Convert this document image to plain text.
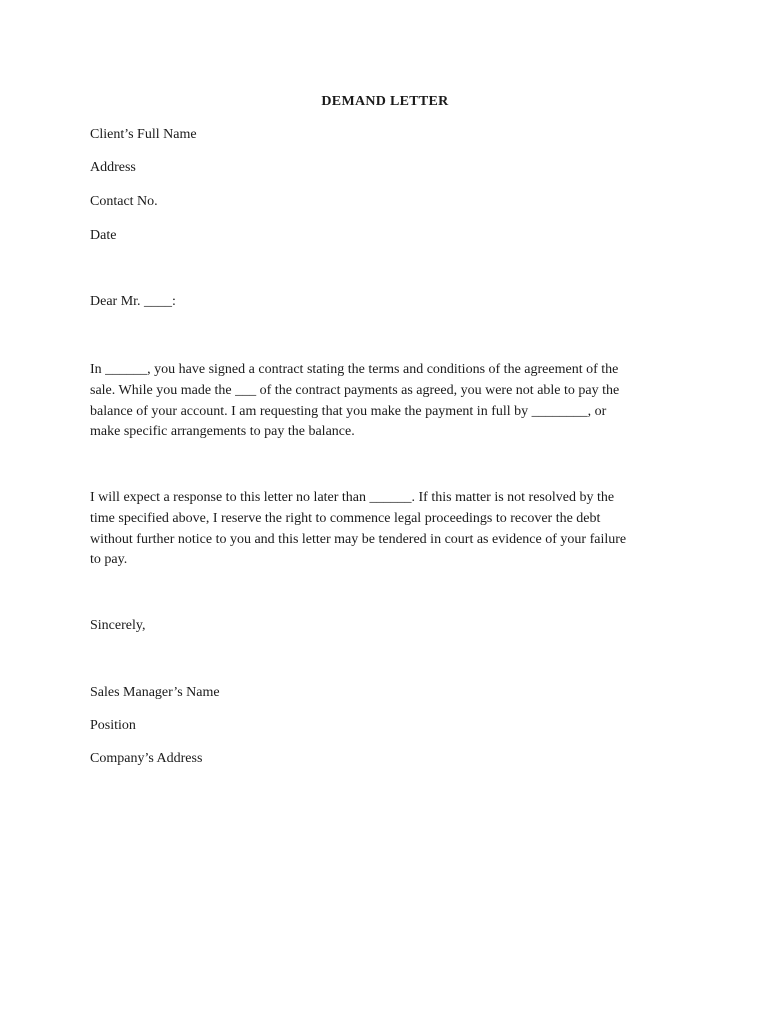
DEMAND LETTER
Client’s Full Name
Address
Contact No.
Date
Dear Mr. ____:
In ______, you have signed a contract stating the terms and conditions of the agreement of the
sale. While you made the ___ of the contract payments as agreed, you were not able to pay the
balance of your account. I am requesting that you make the payment in full by ________, or
make specific arrangements to pay the balance.
I will expect a response to this letter no later than ______. If this matter is not resolved by the
time specified above, I reserve the right to commence legal proceedings to recover the debt
without further notice to you and this letter may be tendered in court as evidence of your failure
to pay.
Sincerely,
Sales Manager’s Name
Position
Company’s Address
